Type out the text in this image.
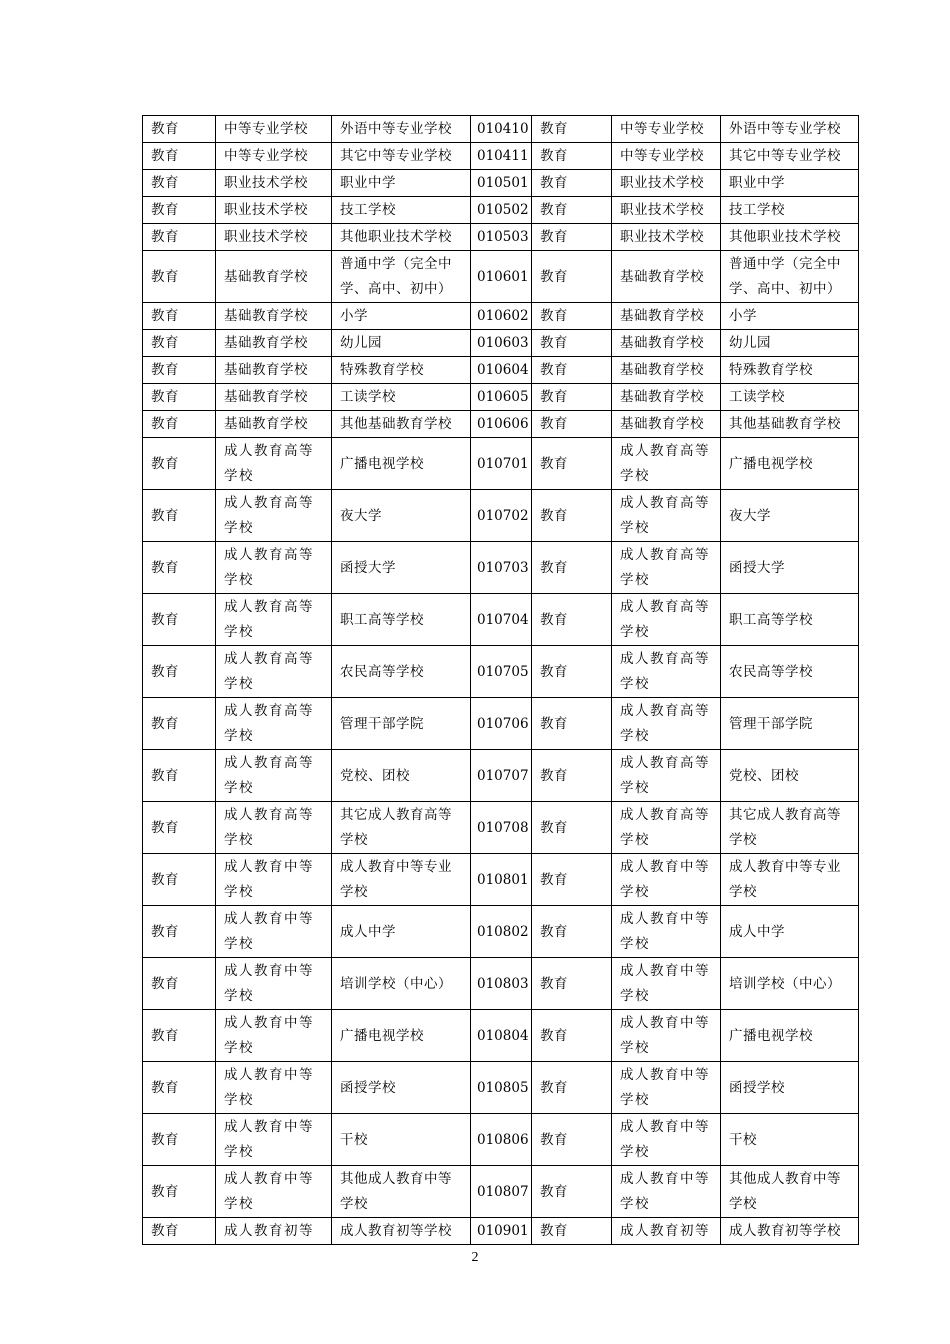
教育	中等专业学校	外语中等专业学校	010410	教育	中等专业学校	外语中等专业学校
教育	中等专业学校	其它中等专业学校	010411	教育	中等专业学校	其它中等专业学校
教育	职业技术学校	职业中学	010501	教育	职业技术学校	职业中学
教育	职业技术学校	技工学校	010502	教育	职业技术学校	技工学校
教育	职业技术学校	其他职业技术学校	010503	教育	职业技术学校	其他职业技术学校
教育	基础教育学校	普通中学（完全中学、高中、初中）	010601	教育	基础教育学校	普通中学（完全中学、高中、初中）
教育	基础教育学校	小学	010602	教育	基础教育学校	小学
教育	基础教育学校	幼儿园	010603	教育	基础教育学校	幼儿园
教育	基础教育学校	特殊教育学校	010604	教育	基础教育学校	特殊教育学校
教育	基础教育学校	工读学校	010605	教育	基础教育学校	工读学校
教育	基础教育学校	其他基础教育学校	010606	教育	基础教育学校	其他基础教育学校
教育	成人教育高等学校	广播电视学校	010701	教育	成人教育高等学校	广播电视学校
教育	成人教育高等学校	夜大学	010702	教育	成人教育高等学校	夜大学
教育	成人教育高等学校	函授大学	010703	教育	成人教育高等学校	函授大学
教育	成人教育高等学校	职工高等学校	010704	教育	成人教育高等学校	职工高等学校
教育	成人教育高等学校	农民高等学校	010705	教育	成人教育高等学校	农民高等学校
教育	成人教育高等学校	管理干部学院	010706	教育	成人教育高等学校	管理干部学院
教育	成人教育高等学校	党校、团校	010707	教育	成人教育高等学校	党校、团校
教育	成人教育高等学校	其它成人教育高等学校	010708	教育	成人教育高等学校	其它成人教育高等学校
教育	成人教育中等学校	成人教育中等专业学校	010801	教育	成人教育中等学校	成人教育中等专业学校
教育	成人教育中等学校	成人中学	010802	教育	成人教育中等学校	成人中学
教育	成人教育中等学校	培训学校（中心）	010803	教育	成人教育中等学校	培训学校（中心）
教育	成人教育中等学校	广播电视学校	010804	教育	成人教育中等学校	广播电视学校
教育	成人教育中等学校	函授学校	010805	教育	成人教育中等学校	函授学校
教育	成人教育中等学校	干校	010806	教育	成人教育中等学校	干校
教育	成人教育中等学校	其他成人教育中等学校	010807	教育	成人教育中等学校	其他成人教育中等学校
教育	成人教育初等	成人教育初等学校	010901	教育	成人教育初等	成人教育初等学校
2
